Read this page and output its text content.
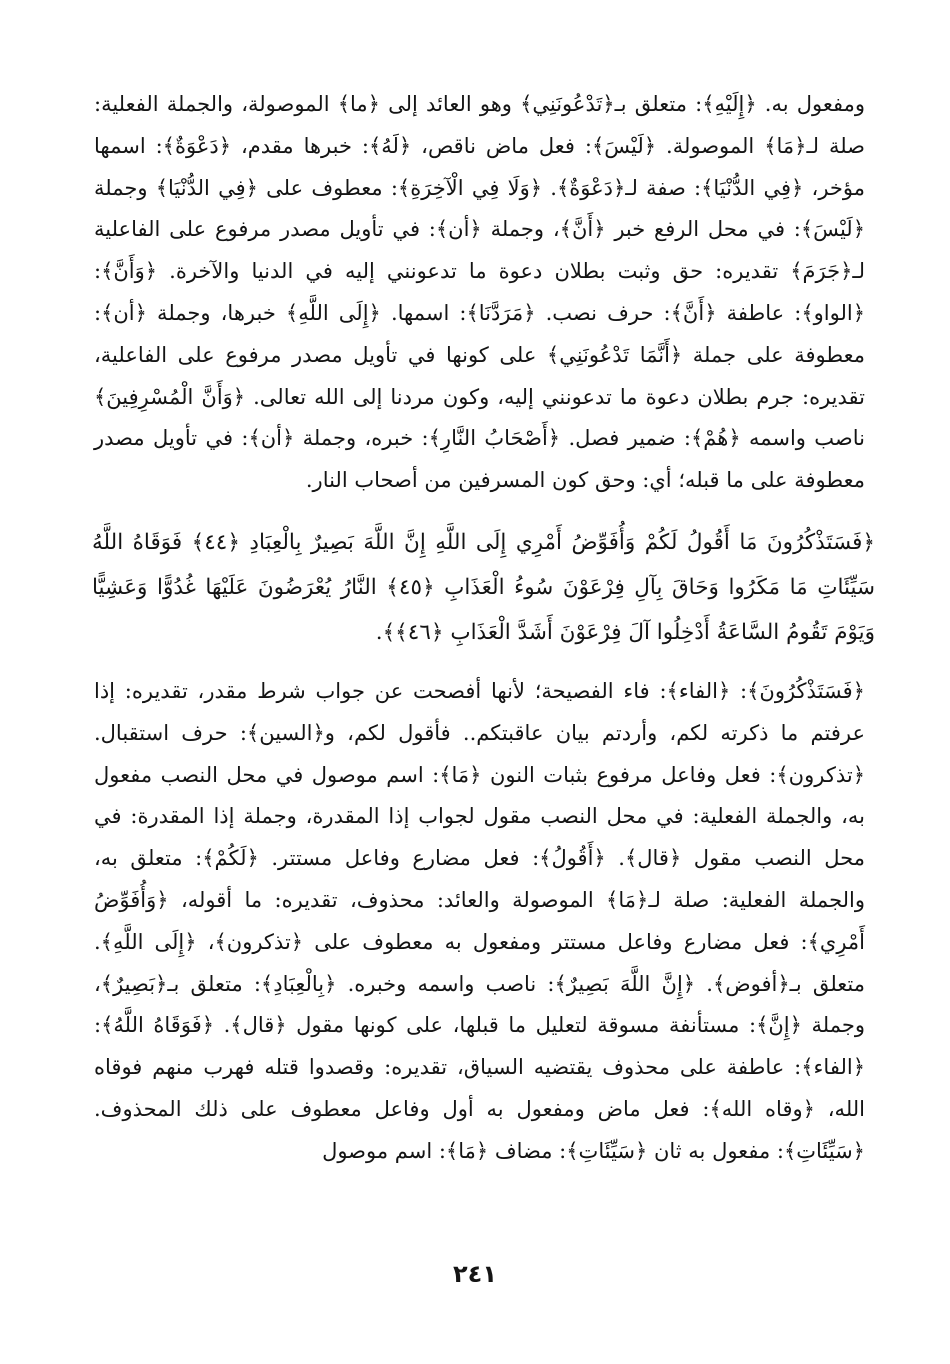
ومفعول به. ﴿إِلَيْهِ﴾: متعلق بـ﴿تَدْعُونَنِي﴾ وهو العائد إلى ﴿ما﴾ الموصولة، والجملة الفعلية: صلة لـ﴿مَا﴾ الموصولة. ﴿لَيْسَ﴾: فعل ماض ناقص، ﴿لَهُ﴾: خبرها مقدم، ﴿دَعْوَةٌ﴾: اسمها مؤخر، ﴿فِي الدُّنْيَا﴾: صفة لـ﴿دَعْوَةٌ﴾. ﴿وَلَا فِي الْآخِرَةِ﴾: معطوف على ﴿فِي الدُّنْيَا﴾ وجملة ﴿لَيْسَ﴾: في محل الرفع خبر ﴿أَنَّ﴾، وجملة ﴿أن﴾: في تأويل مصدر مرفوع على الفاعلية لـ﴿جَرَمَ﴾ تقديره: حق وثبت بطلان دعوة ما تدعونني إليه في الدنيا والآخرة. ﴿وَأَنَّ﴾: ﴿الواو﴾: عاطفة ﴿أَنَّ﴾: حرف نصب. ﴿مَرَدَّنَا﴾: اسمها. ﴿إِلَى اللَّهِ﴾ خبرها، وجملة ﴿أن﴾: معطوفة على جملة ﴿أَنَّمَا تَدْعُونَنِي﴾ على كونها في تأويل مصدر مرفوع على الفاعلية، تقديره: جرم بطلان دعوة ما تدعونني إليه، وكون مردنا إلى الله تعالى. ﴿وَأَنَّ الْمُسْرِفِينَ﴾ ناصب واسمه ﴿هُمْ﴾: ضمير فصل. ﴿أَصْحَابُ النَّارِ﴾: خبره، وجملة ﴿أن﴾: في تأويل مصدر معطوفة على ما قبله؛ أي: وحق كون المسرفين من أصحاب النار.

﴿فَسَتَذْكُرُونَ مَا أَقُولُ لَكُمْ وَأُفَوِّضُ أَمْرِي إِلَى اللَّهِ إِنَّ اللَّهَ بَصِيرٌ بِالْعِبَادِ ﴿٤٤﴾ فَوَقَاهُ اللَّهُ سَيِّئَاتِ مَا مَكَرُوا وَحَاقَ بِآلِ فِرْعَوْنَ سُوءُ الْعَذَابِ ﴿٤٥﴾ النَّارُ يُعْرَضُونَ عَلَيْهَا غُدُوًّا وَعَشِيًّا وَيَوْمَ تَقُومُ السَّاعَةُ أَدْخِلُوا آلَ فِرْعَوْنَ أَشَدَّ الْعَذَابِ ﴿٤٦﴾﴾.

﴿فَسَتَذْكُرُونَ﴾: ﴿الفاء﴾: فاء الفصيحة؛ لأنها أفصحت عن جواب شرط مقدر، تقديره: إذا عرفتم ما ذكرته لكم، وأردتم بيان عاقبتكم.. فأقول لكم، و﴿السين﴾: حرف استقبال. ﴿تذكرون﴾: فعل وفاعل مرفوع بثبات النون ﴿مَا﴾: اسم موصول في محل النصب مفعول به، والجملة الفعلية: في محل النصب مقول لجواب إذا المقدرة، وجملة إذا المقدرة: في محل النصب مقول ﴿قال﴾. ﴿أَقُولُ﴾: فعل مضارع وفاعل مستتر. ﴿لَكُمْ﴾: متعلق به، والجملة الفعلية: صلة لـ﴿مَا﴾ الموصولة والعائد: محذوف، تقديره: ما أقوله، ﴿وَأُفَوِّضُ أَمْرِي﴾: فعل مضارع وفاعل مستتر ومفعول به معطوف على ﴿تذكرون﴾، ﴿إِلَى اللَّهِ﴾. متعلق بـ﴿أفوض﴾. ﴿إِنَّ اللَّهَ بَصِيرٌ﴾: ناصب واسمه وخبره. ﴿بِالْعِبَادِ﴾: متعلق بـ﴿بَصِيرٌ﴾، وجملة ﴿إِنَّ﴾: مستأنفة مسوقة لتعليل ما قبلها، على كونها مقول ﴿قال﴾. ﴿فَوَقَاهُ اللَّهُ﴾: ﴿الفاء﴾: عاطفة على محذوف يقتضيه السياق، تقديره: وقصدوا قتله فهرب منهم فوقاه الله، ﴿وقاه الله﴾: فعل ماض ومفعول به أول وفاعل معطوف على ذلك المحذوف. ﴿سَيِّئَاتِ﴾: مفعول به ثان ﴿سَيِّئَاتِ﴾: مضاف ﴿مَا﴾: اسم موصول

٢٤١
